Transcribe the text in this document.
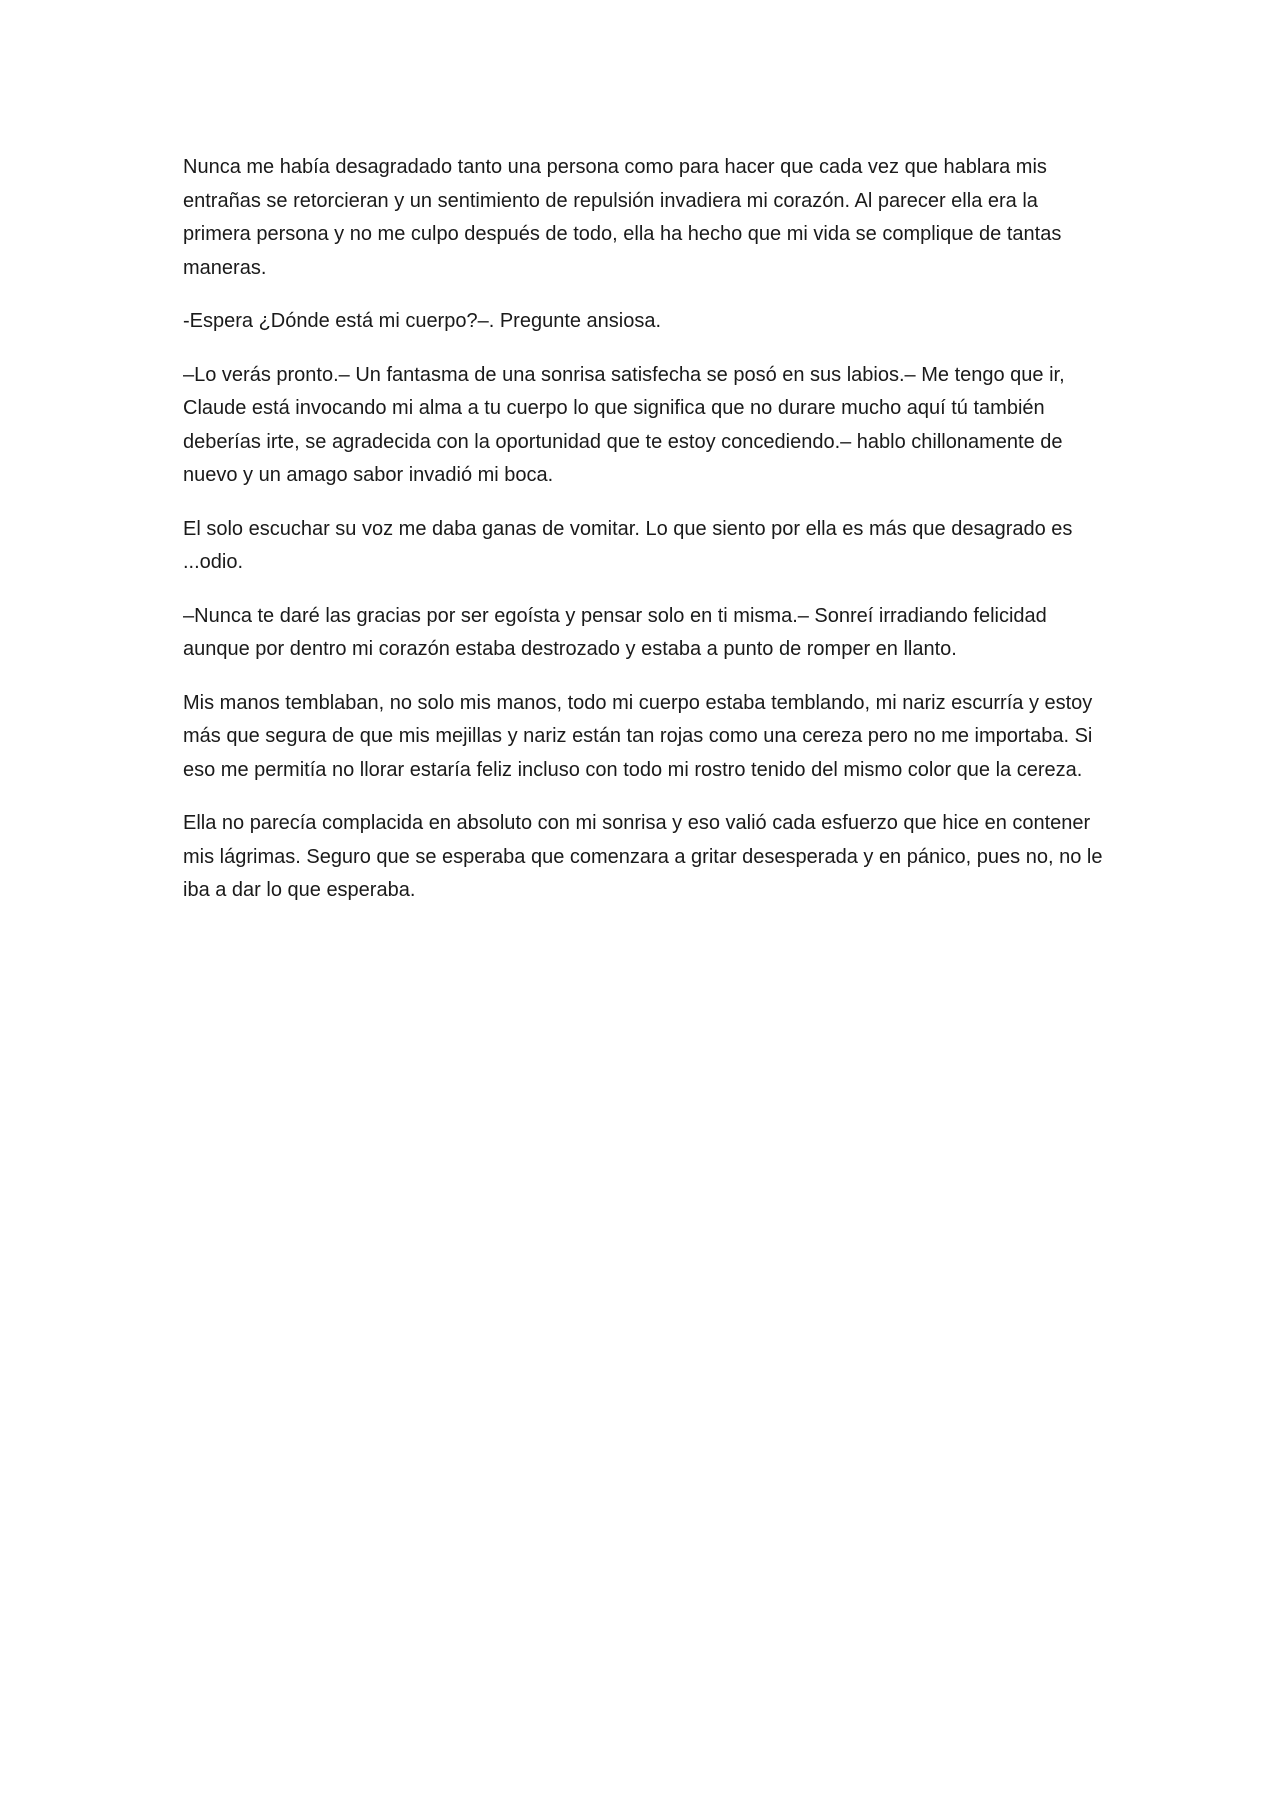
Nunca me había desagradado tanto una persona como para hacer que cada vez que hablara mis entrañas se retorcieran y un sentimiento de repulsión invadiera mi corazón. Al parecer ella era la primera persona y no me culpo después de todo, ella ha hecho que mi vida se complique de tantas maneras.

-Espera ¿Dónde está mi cuerpo?–. Pregunte ansiosa.

–Lo verás pronto.– Un fantasma de una sonrisa satisfecha se posó en sus labios.– Me tengo que ir, Claude está invocando mi alma a tu cuerpo lo que significa que no durare mucho aquí tú también deberías irte, se agradecida con la oportunidad que te estoy concediendo.– hablo chillonamente de nuevo y un amago sabor invadió mi boca.

El solo escuchar su voz me daba ganas de vomitar. Lo que siento por ella es más que desagrado es ...odio.

–Nunca te daré las gracias por ser egoísta y pensar solo en ti misma.– Sonreí irradiando felicidad aunque por dentro mi corazón estaba destrozado y estaba a punto de romper en llanto.

Mis manos temblaban, no solo mis manos, todo mi cuerpo estaba temblando, mi nariz escurría y estoy más que segura de que mis mejillas y nariz están tan rojas como una cereza pero no me importaba. Si eso me permitía no llorar estaría feliz incluso con todo mi rostro tenido del mismo color que la cereza.

Ella no parecía complacida en absoluto con mi sonrisa y eso valió cada esfuerzo que hice en contener mis lágrimas. Seguro que se esperaba que comenzara a gritar desesperada y en pánico, pues no, no le iba a dar lo que esperaba.
